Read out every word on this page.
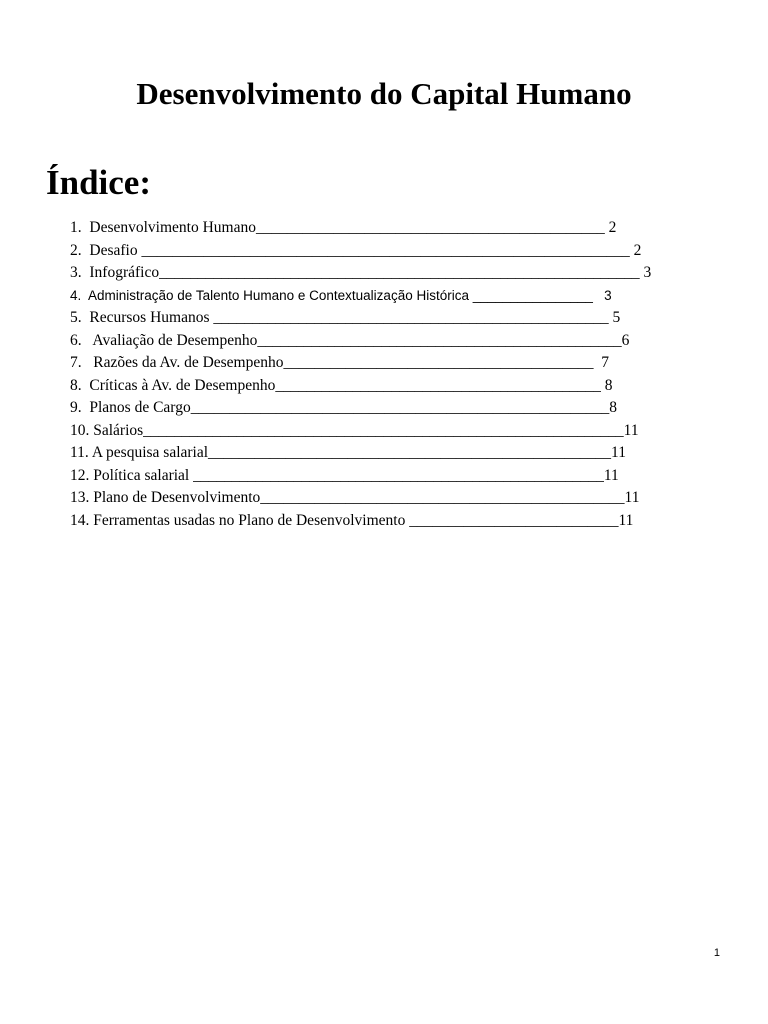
Desenvolvimento do Capital Humano
Índice:
1.  Desenvolvimento Humano_____________________________________________ 2
2.  Desafio _______________________________________________________________ 2
3.  Infográfico______________________________________________________________ 3
4.  Administração de Talento Humano e Contextualização Histórica ________________   3
5.  Recursos Humanos ___________________________________________________ 5
6.   Avaliação de Desempenho_______________________________________________6
7.   Razões da Av. de Desempenho________________________________________  7
8.  Críticas à Av. de Desempenho__________________________________________ 8
9.  Planos de Cargo______________________________________________________8
10. Salários______________________________________________________________11
11. A pesquisa salarial____________________________________________________11
12. Política salarial _____________________________________________________11
13. Plano de Desenvolvimento_______________________________________________11
14. Ferramentas usadas no Plano de Desenvolvimento ___________________________11
1
